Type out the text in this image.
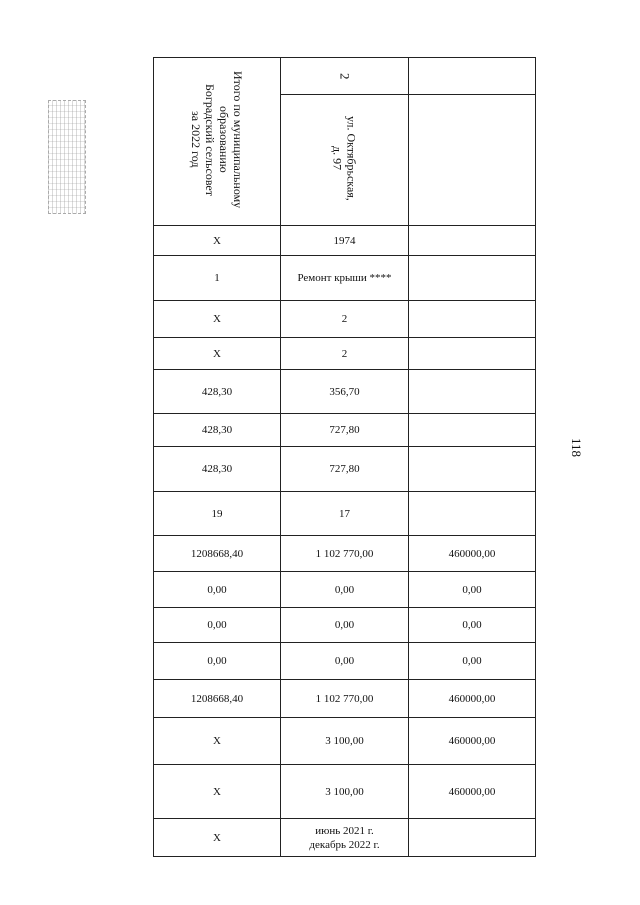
Итого по муниципальному
образованию
Боградский сельсовет
за 2022 год	2	
	ул. Октябрьская,
д. 97	
X	1974	
1	Ремонт крыши ****	
X	2	
X	2	
428,30	356,70	
428,30	727,80	
428,30	727,80	
19	17	
1208668,40	1 102 770,00	460000,00
0,00	0,00	0,00
0,00	0,00	0,00
0,00	0,00	0,00
1208668,40	1 102 770,00	460000,00
X	3 100,00	460000,00
X	3 100,00	460000,00
X	июнь 2021 г.
декабрь 2022 г.	
118
